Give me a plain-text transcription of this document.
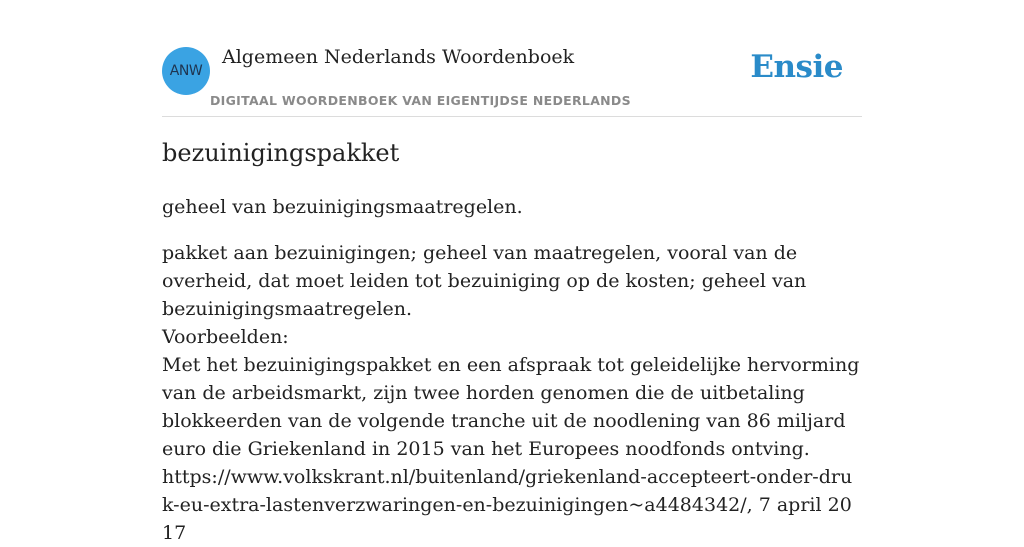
ANW
Algemeen Nederlands Woordenboek
DIGITAAL WOORDENBOEK VAN EIGENTIJDSE NEDERLANDS
Ensie
bezuinigingspakket
geheel van bezuinigingsmaatregelen.
pakket aan bezuinigingen; geheel van maatregelen, vooral van de overheid, dat moet leiden tot bezuiniging op de kosten; geheel van bezuinigingsmaatregelen.

Voorbeelden:

Met het bezuinigingspakket en een afspraak tot geleidelijke hervorming van de arbeidsmarkt, zijn twee horden genomen die de uitbetaling blokkeerden van de volgende tranche uit de noodlening van 86 miljard euro die Griekenland in 2015 van het Europees noodfonds ontving.

https://www.volkskrant.nl/buitenland/griekenland-accepteert-onder-druk-eu-extra-lastenverzwaringen-en-bezuinigingen~a4484342/, 7 april 2017
